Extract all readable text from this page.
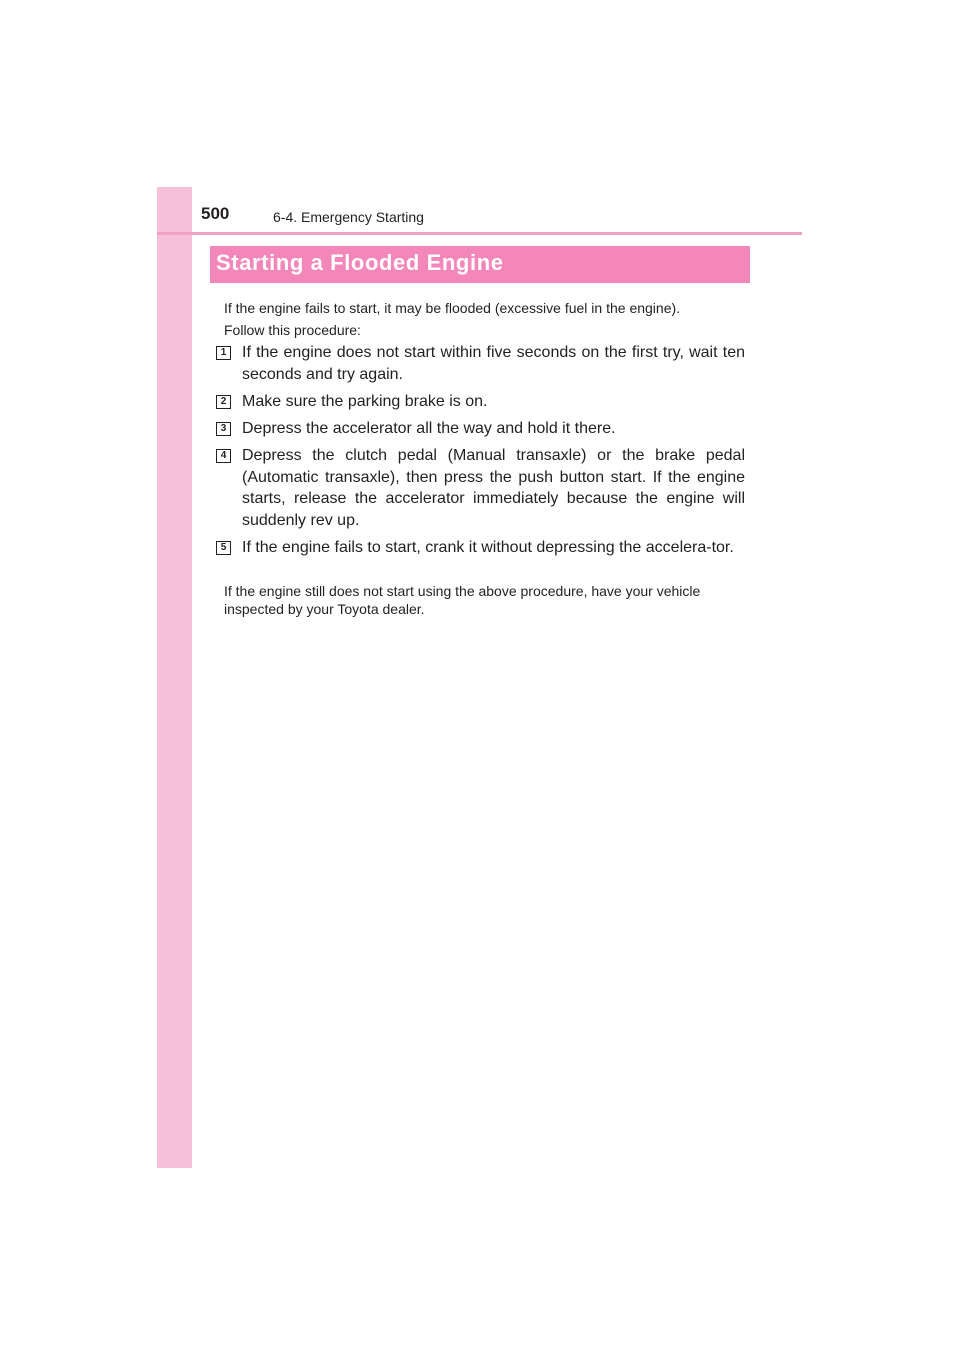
500	6-4. Emergency Starting
Starting a Flooded Engine
If the engine fails to start, it may be flooded (excessive fuel in the engine).
Follow this procedure:
1 If the engine does not start within five seconds on the first try, wait ten seconds and try again.
2 Make sure the parking brake is on.
3 Depress the accelerator all the way and hold it there.
4 Depress the clutch pedal (Manual transaxle) or the brake pedal (Automatic transaxle), then press the push button start. If the engine starts, release the accelerator immediately because the engine will suddenly rev up.
5 If the engine fails to start, crank it without depressing the accelera-tor.
If the engine still does not start using the above procedure, have your vehicle inspected by your Toyota dealer.
